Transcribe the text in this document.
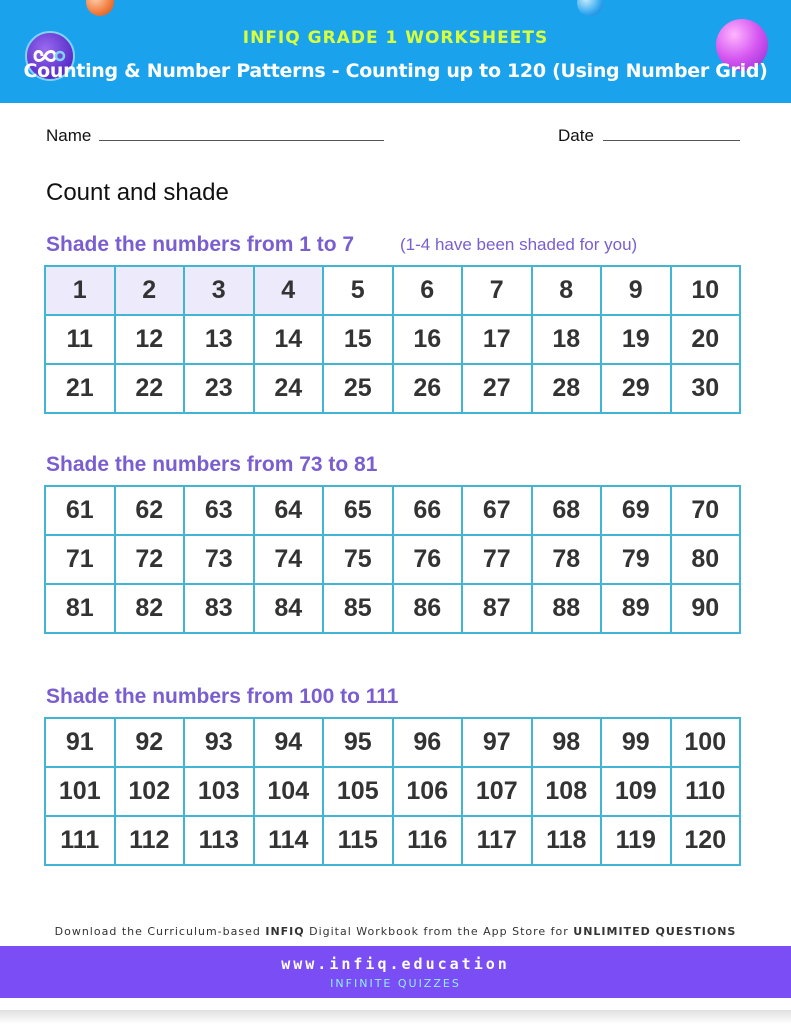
INFIQ GRADE 1 WORKSHEETS
Counting & Number Patterns - Counting up to 120 (Using Number Grid)
Name	Date
Count and shade
Shade the numbers from 1 to 7	(1-4 have been shaded for you)
1	2	3	4	5	6	7	8	9	10
11	12	13	14	15	16	17	18	19	20
21	22	23	24	25	26	27	28	29	30
Shade the numbers from 73 to 81
61	62	63	64	65	66	67	68	69	70
71	72	73	74	75	76	77	78	79	80
81	82	83	84	85	86	87	88	89	90
Shade the numbers from 100 to 111
91	92	93	94	95	96	97	98	99	100
101	102	103	104	105	106	107	108	109	110
111	112	113	114	115	116	117	118	119	120
Download the Curriculum-based INFIQ Digital Workbook from the App Store for UNLIMITED QUESTIONS
www.infiq.education
INFINITE QUIZZES
